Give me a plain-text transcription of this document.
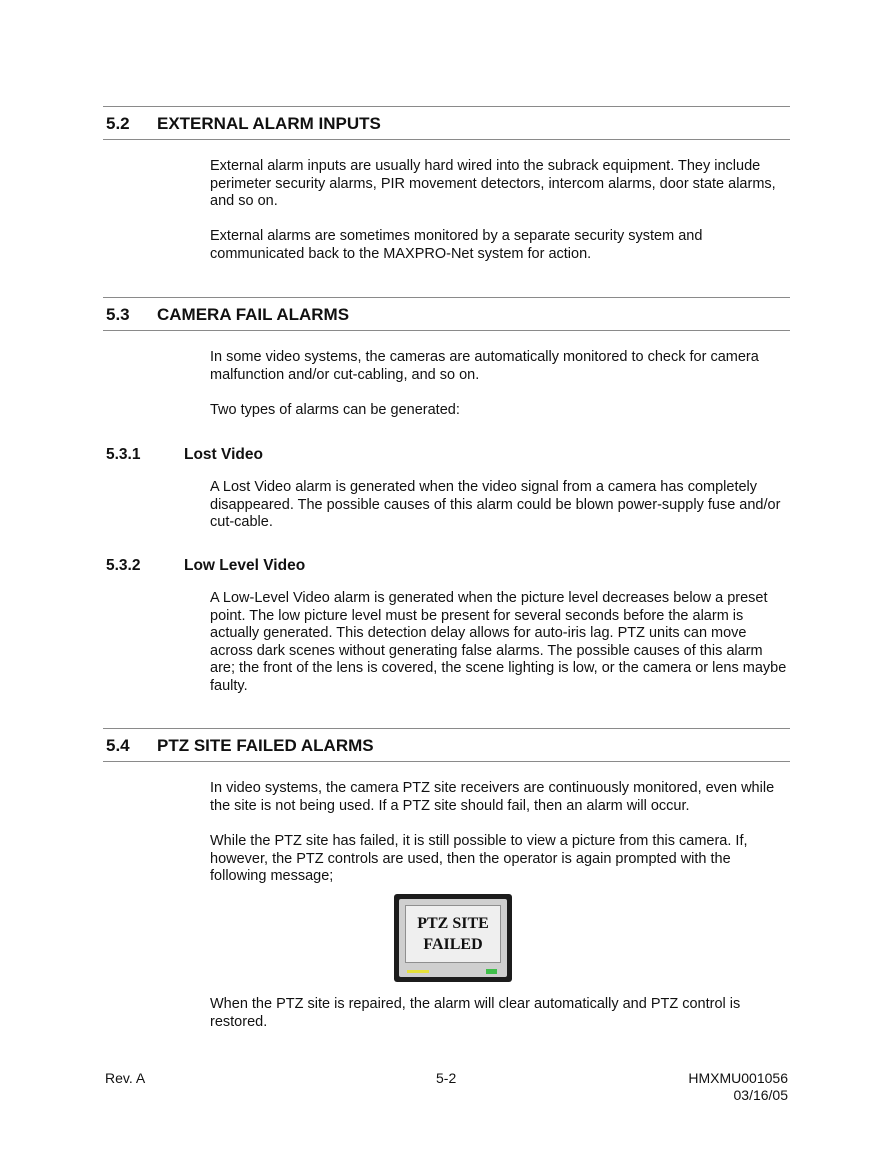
5.2 EXTERNAL ALARM INPUTS

External alarm inputs are usually hard wired into the subrack equipment. They include perimeter security alarms, PIR movement detectors, intercom alarms, door state alarms, and so on.

External alarms are sometimes monitored by a separate security system and communicated back to the MAXPRO-Net system for action.

5.3 CAMERA FAIL ALARMS

In some video systems, the cameras are automatically monitored to check for camera malfunction and/or cut-cabling, and so on.

Two types of alarms can be generated:

5.3.1	Lost Video

A Lost Video alarm is generated when the video signal from a camera has completely disappeared. The possible causes of this alarm could be blown power-supply fuse and/or cut-cable.

5.3.2	Low Level Video

A Low-Level Video alarm is generated when the picture level decreases below a preset point. The low picture level must be present for several seconds before the alarm is actually generated. This detection delay allows for auto-iris lag. PTZ units can move across dark scenes without generating false alarms. The possible causes of this alarm are; the front of the lens is covered, the scene lighting is low, or the camera or lens maybe faulty.

5.4 PTZ SITE FAILED ALARMS

In video systems, the camera PTZ site receivers are continuously monitored, even while the site is not being used. If a PTZ site should fail, then an alarm will occur.

While the PTZ site has failed, it is still possible to view a picture from this camera. If, however, the PTZ controls are used, then the operator is again prompted with the following message;

PTZ SITE
FAILED

When the PTZ site is repaired, the alarm will clear automatically and PTZ control is restored.

Rev. A	5-2	HMXMU001056
03/16/05
